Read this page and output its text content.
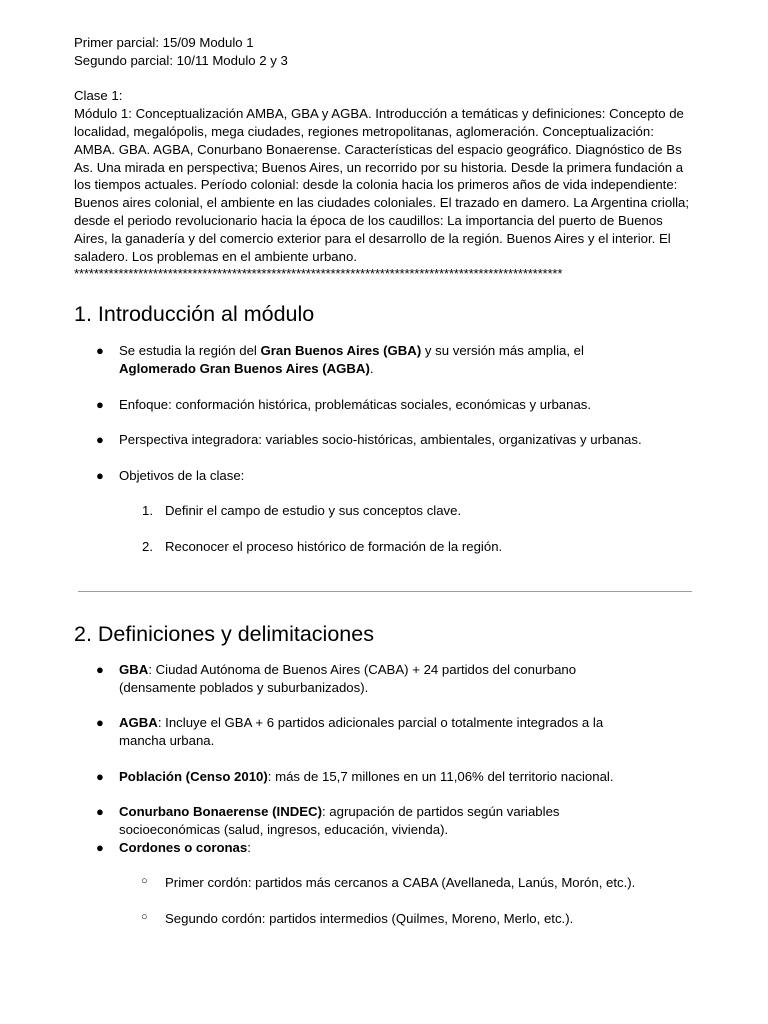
Primer parcial: 15/09 Modulo 1
Segundo parcial: 10/11 Modulo 2 y 3
Clase 1:
Módulo 1: Conceptualización AMBA, GBA y AGBA. Introducción a temáticas y definiciones: Concepto de localidad, megalópolis, mega ciudades, regiones metropolitanas, aglomeración. Conceptualización: AMBA. GBA. AGBA, Conurbano Bonaerense. Características del espacio geográfico. Diagnóstico de Bs As. Una mirada en perspectiva; Buenos Aires, un recorrido por su historia. Desde la primera fundación a los tiempos actuales. Período colonial: desde la colonia hacia los primeros años de vida independiente: Buenos aires colonial, el ambiente en las ciudades coloniales. El trazado en damero. La Argentina criolla; desde el periodo revolucionario hacia la época de los caudillos: La importancia del puerto de Buenos Aires, la ganadería y del comercio exterior para el desarrollo de la región. Buenos Aires y el interior. El saladero. Los problemas en el ambiente urbano.
***************************************************************************************************
1. Introducción al módulo
● Se estudia la región del Gran Buenos Aires (GBA) y su versión más amplia, el
Aglomerado Gran Buenos Aires (AGBA).
● Enfoque: conformación histórica, problemáticas sociales, económicas y urbanas.
● Perspectiva integradora: variables socio-históricas, ambientales, organizativas y urbanas.
● Objetivos de la clase:
1. Definir el campo de estudio y sus conceptos clave.
2. Reconocer el proceso histórico de formación de la región.
2. Definiciones y delimitaciones
● GBA: Ciudad Autónoma de Buenos Aires (CABA) + 24 partidos del conurbano
(densamente poblados y suburbanizados).
● AGBA: Incluye el GBA + 6 partidos adicionales parcial o totalmente integrados a la
mancha urbana.
● Población (Censo 2010): más de 15,7 millones en un 11,06% del territorio nacional.
● Conurbano Bonaerense (INDEC): agrupación de partidos según variables
socioeconómicas (salud, ingresos, educación, vivienda).
● Cordones o coronas:
○ Primer cordón: partidos más cercanos a CABA (Avellaneda, Lanús, Morón, etc.).
○ Segundo cordón: partidos intermedios (Quilmes, Moreno, Merlo, etc.).
